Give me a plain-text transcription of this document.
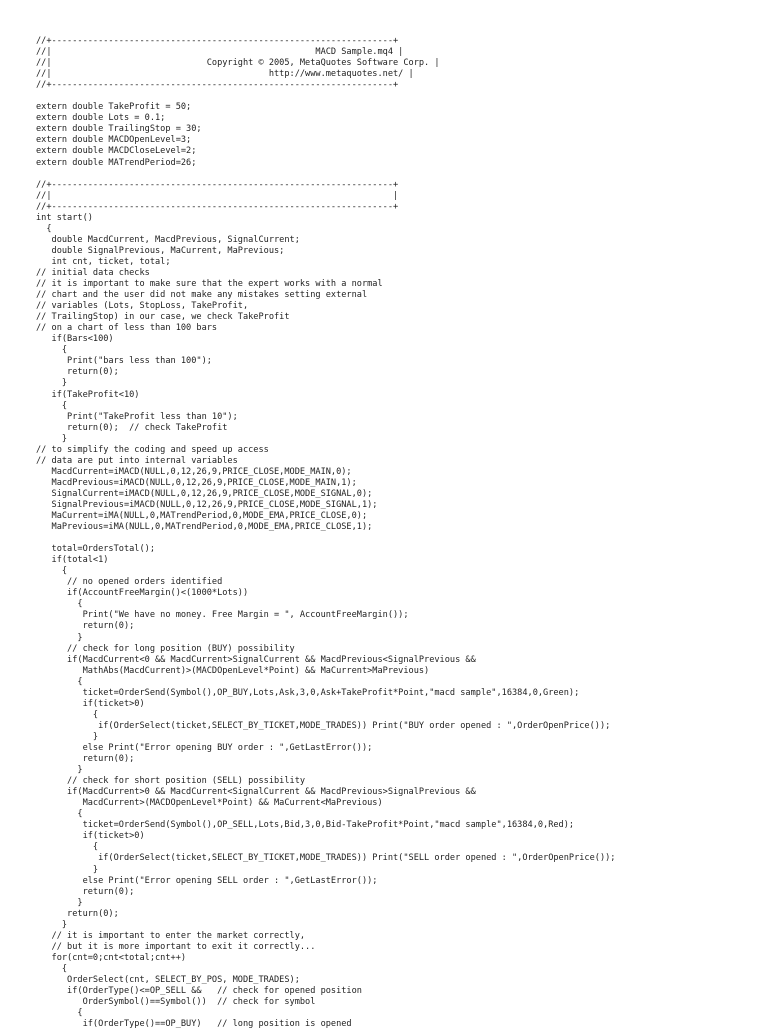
//+------------------------------------------------------------------+
//|                                                   MACD Sample.mq4 |
//|                              Copyright © 2005, MetaQuotes Software Corp. |
//|                                          http://www.metaquotes.net/ |
//+------------------------------------------------------------------+
extern double TakeProfit = 50;
extern double Lots = 0.1;
extern double TrailingStop = 30;
extern double MACDOpenLevel=3;
extern double MACDCloseLevel=2;
extern double MATrendPeriod=26;
//+------------------------------------------------------------------+
//|                                                                  |
//+------------------------------------------------------------------+
int start()
{
double MacdCurrent, MacdPrevious, SignalCurrent;
double SignalPrevious, MaCurrent, MaPrevious;
int cnt, ticket, total;
// initial data checks
// it is important to make sure that the expert works with a normal
// chart and the user did not make any mistakes setting external
// variables (Lots, StopLoss, TakeProfit,
// TrailingStop) in our case, we check TakeProfit
// on a chart of less than 100 bars
if(Bars<100)
{
Print("bars less than 100");
return(0);
}
if(TakeProfit<10)
{
Print("TakeProfit less than 10");
return(0);  // check TakeProfit
}
// to simplify the coding and speed up access
// data are put into internal variables
MacdCurrent=iMACD(NULL,0,12,26,9,PRICE_CLOSE,MODE_MAIN,0);
MacdPrevious=iMACD(NULL,0,12,26,9,PRICE_CLOSE,MODE_MAIN,1);
SignalCurrent=iMACD(NULL,0,12,26,9,PRICE_CLOSE,MODE_SIGNAL,0);
SignalPrevious=iMACD(NULL,0,12,26,9,PRICE_CLOSE,MODE_SIGNAL,1);
MaCurrent=iMA(NULL,0,MATrendPeriod,0,MODE_EMA,PRICE_CLOSE,0);
MaPrevious=iMA(NULL,0,MATrendPeriod,0,MODE_EMA,PRICE_CLOSE,1);
total=OrdersTotal();
if(total<1)
{
// no opened orders identified
if(AccountFreeMargin()<(1000*Lots))
{
Print("We have no money. Free Margin = ", AccountFreeMargin());
return(0);
}
// check for long position (BUY) possibility
if(MacdCurrent<0 && MacdCurrent>SignalCurrent && MacdPrevious<SignalPrevious &&
MathAbs(MacdCurrent)>(MACDOpenLevel*Point) && MaCurrent>MaPrevious)
{
ticket=OrderSend(Symbol(),OP_BUY,Lots,Ask,3,0,Ask+TakeProfit*Point,"macd sample",16384,0,Green);
if(ticket>0)
{
if(OrderSelect(ticket,SELECT_BY_TICKET,MODE_TRADES)) Print("BUY order opened : ",OrderOpenPrice());
}
else Print("Error opening BUY order : ",GetLastError());
return(0);
}
// check for short position (SELL) possibility
if(MacdCurrent>0 && MacdCurrent<SignalCurrent && MacdPrevious>SignalPrevious &&
MacdCurrent>(MACDOpenLevel*Point) && MaCurrent<MaPrevious)
{
ticket=OrderSend(Symbol(),OP_SELL,Lots,Bid,3,0,Bid-TakeProfit*Point,"macd sample",16384,0,Red);
if(ticket>0)
{
if(OrderSelect(ticket,SELECT_BY_TICKET,MODE_TRADES)) Print("SELL order opened : ",OrderOpenPrice());
}
else Print("Error opening SELL order : ",GetLastError());
return(0);
}
return(0);
}
// it is important to enter the market correctly,
// but it is more important to exit it correctly...
for(cnt=0;cnt<total;cnt++)
{
OrderSelect(cnt, SELECT_BY_POS, MODE_TRADES);
if(OrderType()<=OP_SELL &&   // check for opened position
OrderSymbol()==Symbol())  // check for symbol
{
if(OrderType()==OP_BUY)   // long position is opened
